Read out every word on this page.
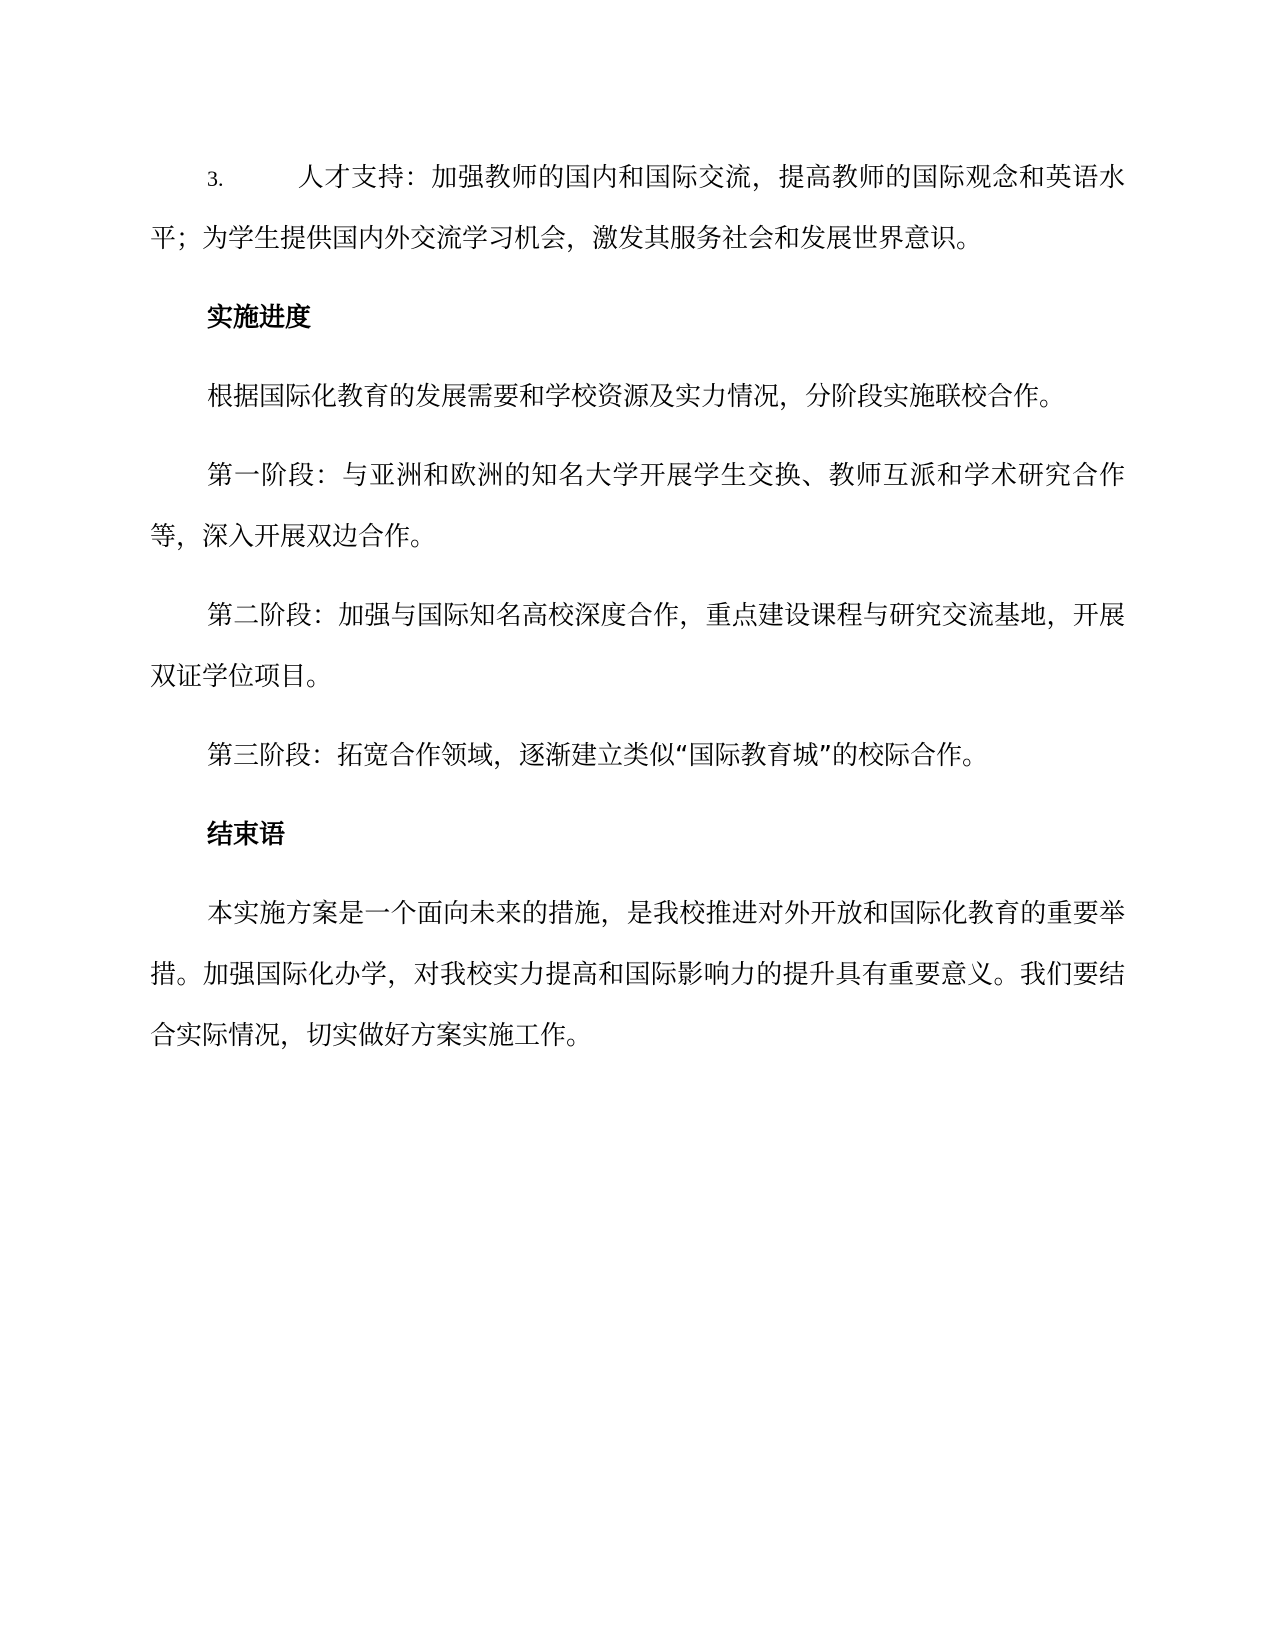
3.	人才支持：加强教师的国内和国际交流，提高教师的国际观念和英语水平；为学生提供国内外交流学习机会，激发其服务社会和发展世界意识。

实施进度

根据国际化教育的发展需要和学校资源及实力情况，分阶段实施联校合作。

第一阶段：与亚洲和欧洲的知名大学开展学生交换、教师互派和学术研究合作等，深入开展双边合作。

第二阶段：加强与国际知名高校深度合作，重点建设课程与研究交流基地，开展双证学位项目。

第三阶段：拓宽合作领域，逐渐建立类似“国际教育城”的校际合作。

结束语

本实施方案是一个面向未来的措施，是我校推进对外开放和国际化教育的重要举措。加强国际化办学，对我校实力提高和国际影响力的提升具有重要意义。我们要结合实际情况，切实做好方案实施工作。
